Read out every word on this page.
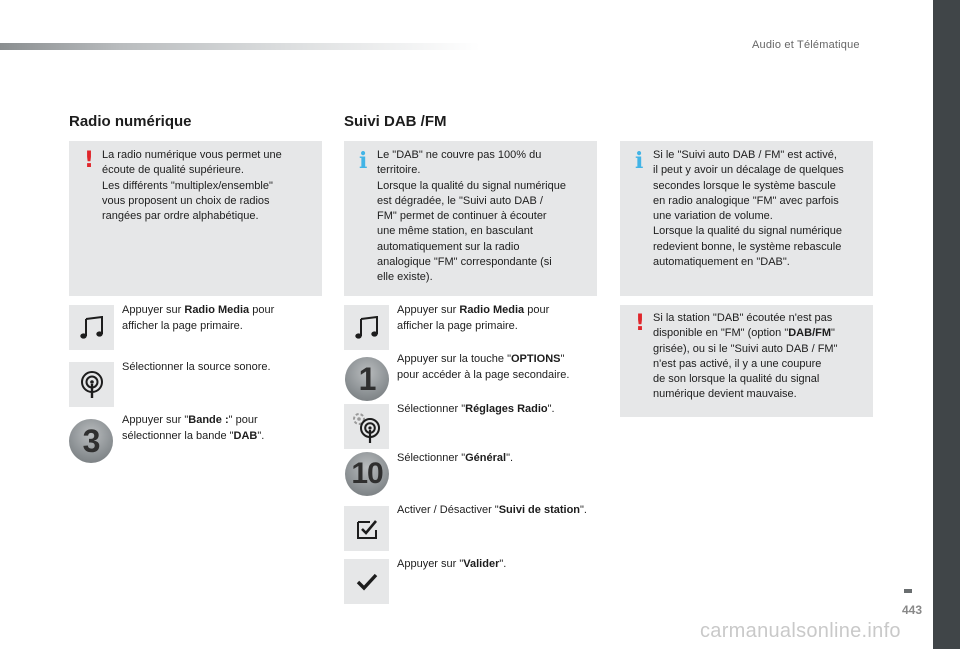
Audio et Télématique
Radio numérique
! La radio numérique vous permet une
écoute de qualité supérieure.
Les différents "multiplex/ensemble"
vous proposent un choix de radios
rangées par ordre alphabétique.
Appuyer sur Radio Media pour afficher la page primaire.
Sélectionner la source sonore.
3
Appuyer sur "Bande :" pour sélectionner la bande "DAB".
Suivi DAB /FM
i Le "DAB" ne couvre pas 100% du
territoire.
Lorsque la qualité du signal numérique
est dégradée, le "Suivi auto DAB /
FM" permet de continuer à écouter
une même station, en basculant
automatiquement sur la radio
analogique "FM" correspondante (si
elle existe).
Appuyer sur Radio Media pour afficher la page primaire.
1
Appuyer sur la touche "OPTIONS" pour accéder à la page secondaire.
Sélectionner "Réglages Radio".
10	Sélectionner "Général".
Activer / Désactiver "Suivi de station".
Appuyer sur "Valider".
i Si le "Suivi auto DAB / FM" est activé,
il peut y avoir un décalage de quelques
secondes lorsque le système bascule
en radio analogique "FM" avec parfois
une variation de volume.
Lorsque la qualité du signal numérique
redevient bonne, le système rebascule
automatiquement en "DAB".
! Si la station "DAB" écoutée n'est pas
disponible en "FM" (option "DAB/FM"
grisée), ou si le "Suivi auto DAB / FM"
n'est pas activé, il y a une coupure
de son lorsque la qualité du signal
numérique devient mauvaise.
443
carmanualsonline.info
